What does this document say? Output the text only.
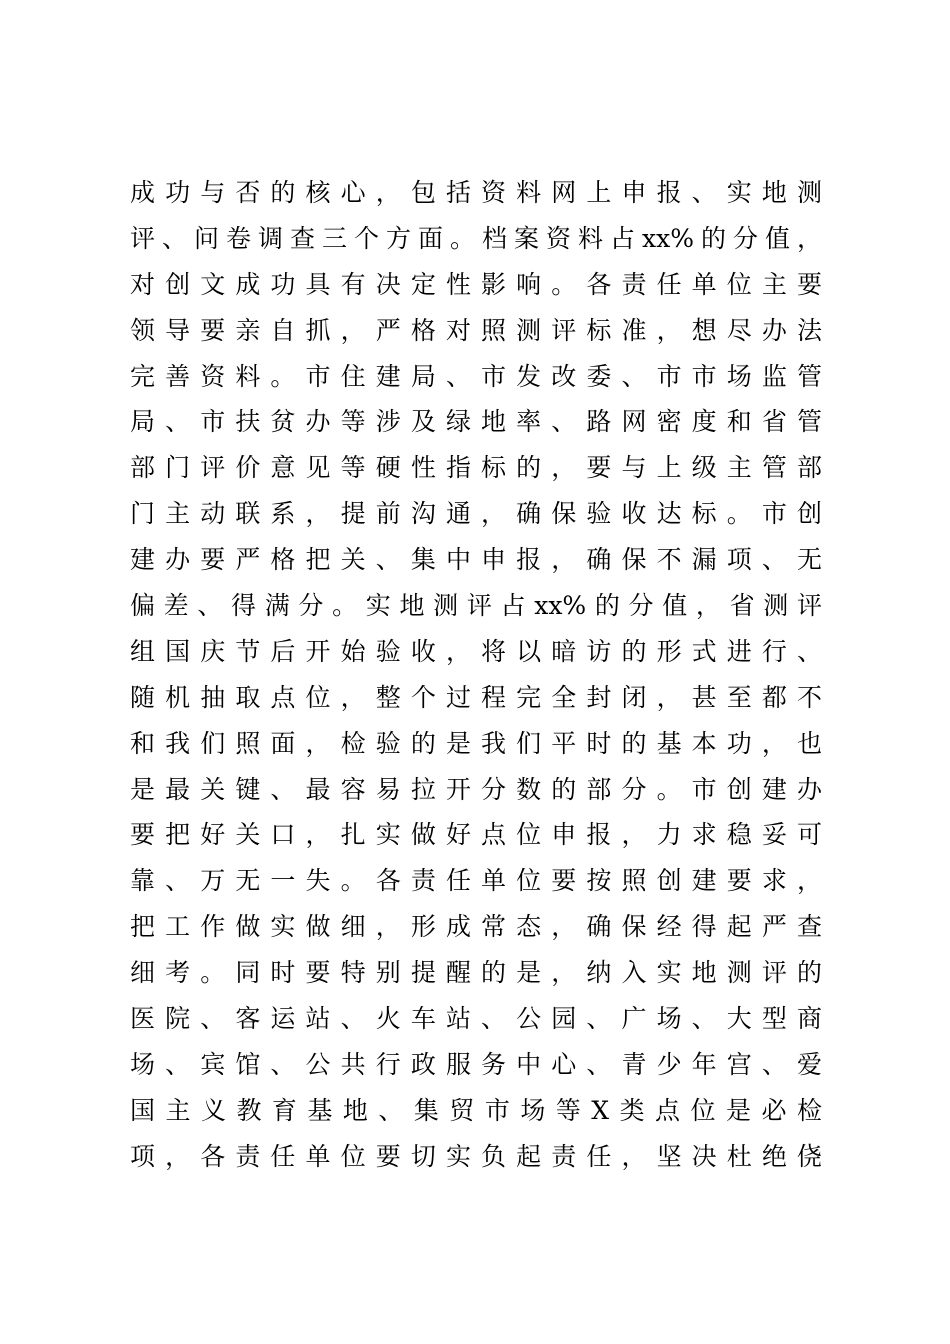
成功与否的核心，包括资料网上申报、实地测
评、问卷调查三个方面。档案资料占xx%的分值，
对创文成功具有决定性影响。各责任单位主要
领导要亲自抓，严格对照测评标准，想尽办法
完善资料。市住建局、市发改委、市市场监管
局、市扶贫办等涉及绿地率、路网密度和省管
部门评价意见等硬性指标的，要与上级主管部
门主动联系，提前沟通，确保验收达标。市创
建办要严格把关、集中申报，确保不漏项、无
偏差、得满分。实地测评占xx%的分值，省测评
组国庆节后开始验收，将以暗访的形式进行、
随机抽取点位，整个过程完全封闭，甚至都不
和我们照面，检验的是我们平时的基本功，也
是最关键、最容易拉开分数的部分。市创建办
要把好关口，扎实做好点位申报，力求稳妥可
靠、万无一失。各责任单位要按照创建要求，
把工作做实做细，形成常态，确保经得起严查
细考。同时要特别提醒的是，纳入实地测评的
医院、客运站、火车站、公园、广场、大型商
场、宾馆、公共行政服务中心、青少年宫、爱
国主义教育基地、集贸市场等X类点位是必检
项，各责任单位要切实负起责任，坚决杜绝侥
